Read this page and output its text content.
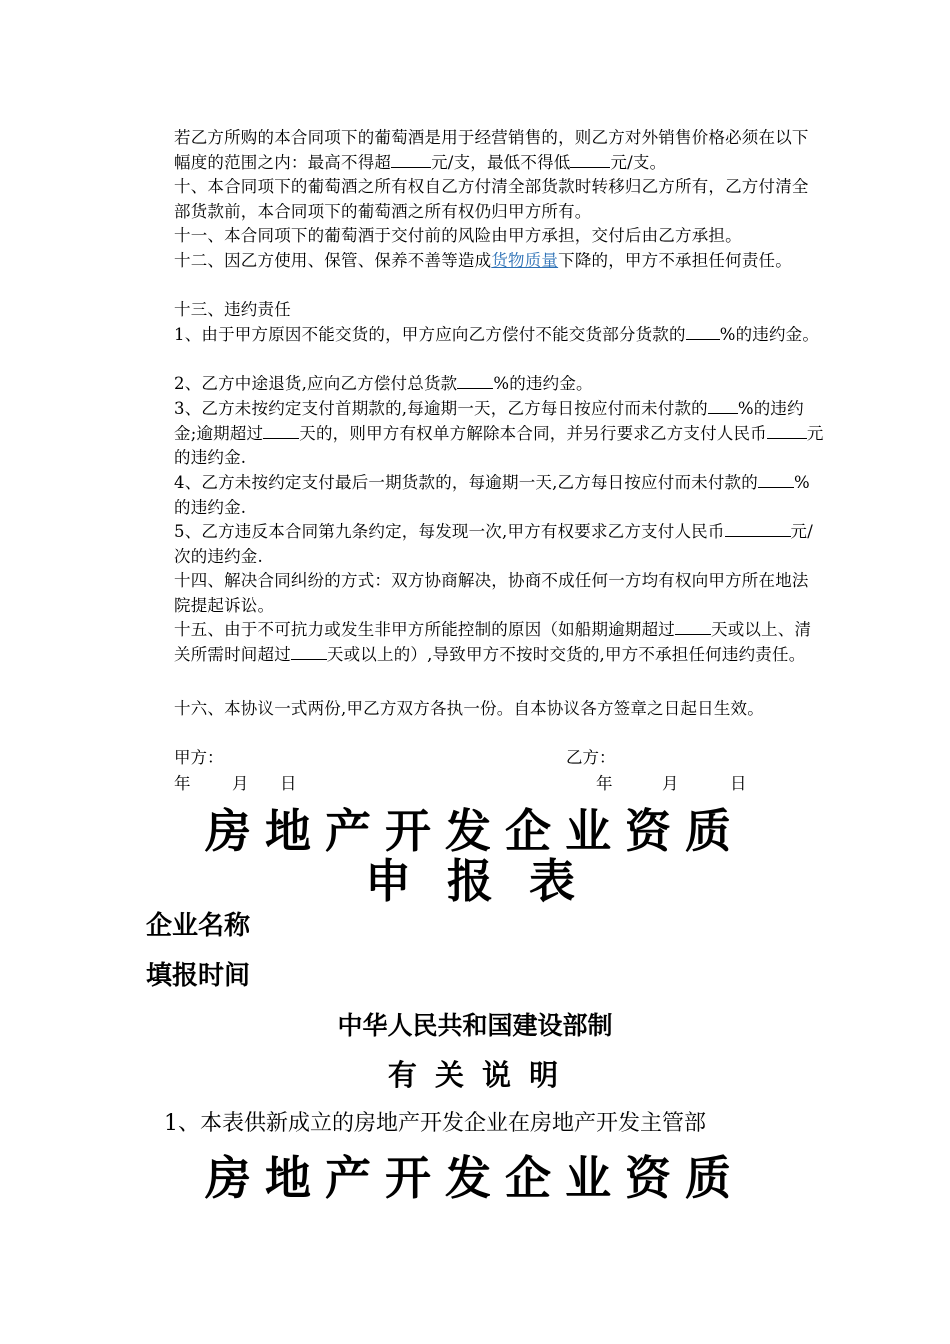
若乙方所购的本合同项下的葡萄酒是用于经营销售的，则乙方对外销售价格必须在以下幅度的范围之内：最高不得超 元/支，最低不得低 元/支。
十、本合同项下的葡萄酒之所有权自乙方付清全部货款时转移归乙方所有，乙方付清全部货款前，本合同项下的葡萄酒之所有权仍归甲方所有。
十一、本合同项下的葡萄酒于交付前的风险由甲方承担，交付后由乙方承担。
十二、因乙方使用、保管、保养不善等造成货物质量下降的，甲方不承担任何责任。
十三、违约责任
1、由于甲方原因不能交货的，甲方应向乙方偿付不能交货部分货款的 %的违约金。
2、乙方中途退货,应向乙方偿付总货款 %的违约金。
3、乙方未按约定支付首期款的,每逾期一天，乙方每日按应付而未付款的 %的违约金;逾期超过 天的，则甲方有权单方解除本合同，并另行要求乙方支付人民币 元的违约金.
4、乙方未按约定支付最后一期货款的，每逾期一天,乙方每日按应付而未付款的 %的违约金.
5、乙方违反本合同第九条约定，每发现一次,甲方有权要求乙方支付人民币	元/次的违约金.
十四、解决合同纠纷的方式：双方协商解决，协商不成任何一方均有权向甲方所在地法院提起诉讼。
十五、由于不可抗力或发生非甲方所能控制的原因（如船期逾期超过 天或以上、清关所需时间超过 天或以上的）,导致甲方不按时交货的,甲方不承担任何违约责任。
十六、本协议一式两份,甲乙方双方各执一份。自本协议各方签章之日起日生效。
甲方：	乙方：
年	月 日	年	月	日
房地产开发企业资质
申 报 表
企业名称
填报时间
中华人民共和国建设部制
有 关 说 明
1、本表供新成立的房地产开发企业在房地产开发主管部
房地产开发企业资质
